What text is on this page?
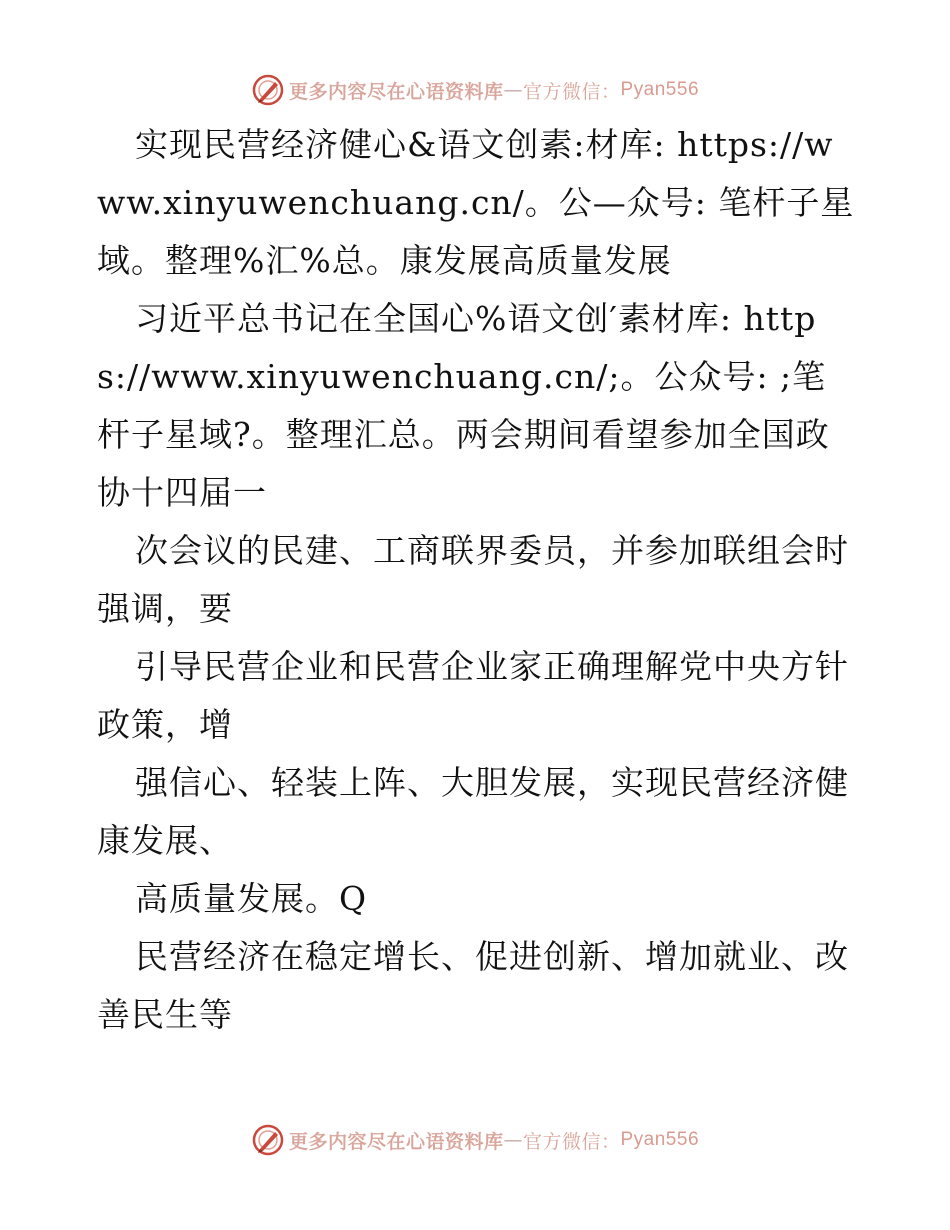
更多内容尽在心语资料库 — 官方微信： Pyan556

实现民营经济健心&语文创素:材库: https://www.xinyuwenchuang.cn/。公—众号: 笔杆子星域。整理%汇%总。康发展高质量发展

习近平总书记在全国心%语文创′素材库: https://www.xinyuwenchuang.cn/;。公众号: ;笔杆子星域?。整理汇总。两会期间看望参加全国政协十四届一

次会议的民建、工商联界委员，并参加联组会时强调，要

引导民营企业和民营企业家正确理解党中央方针政策，增

强信心、轻装上阵、大胆发展，实现民营经济健康发展、

高质量发展。Q

民营经济在稳定增长、促进创新、增加就业、改善民生等

更多内容尽在心语资料库 — 官方微信： Pyan556
